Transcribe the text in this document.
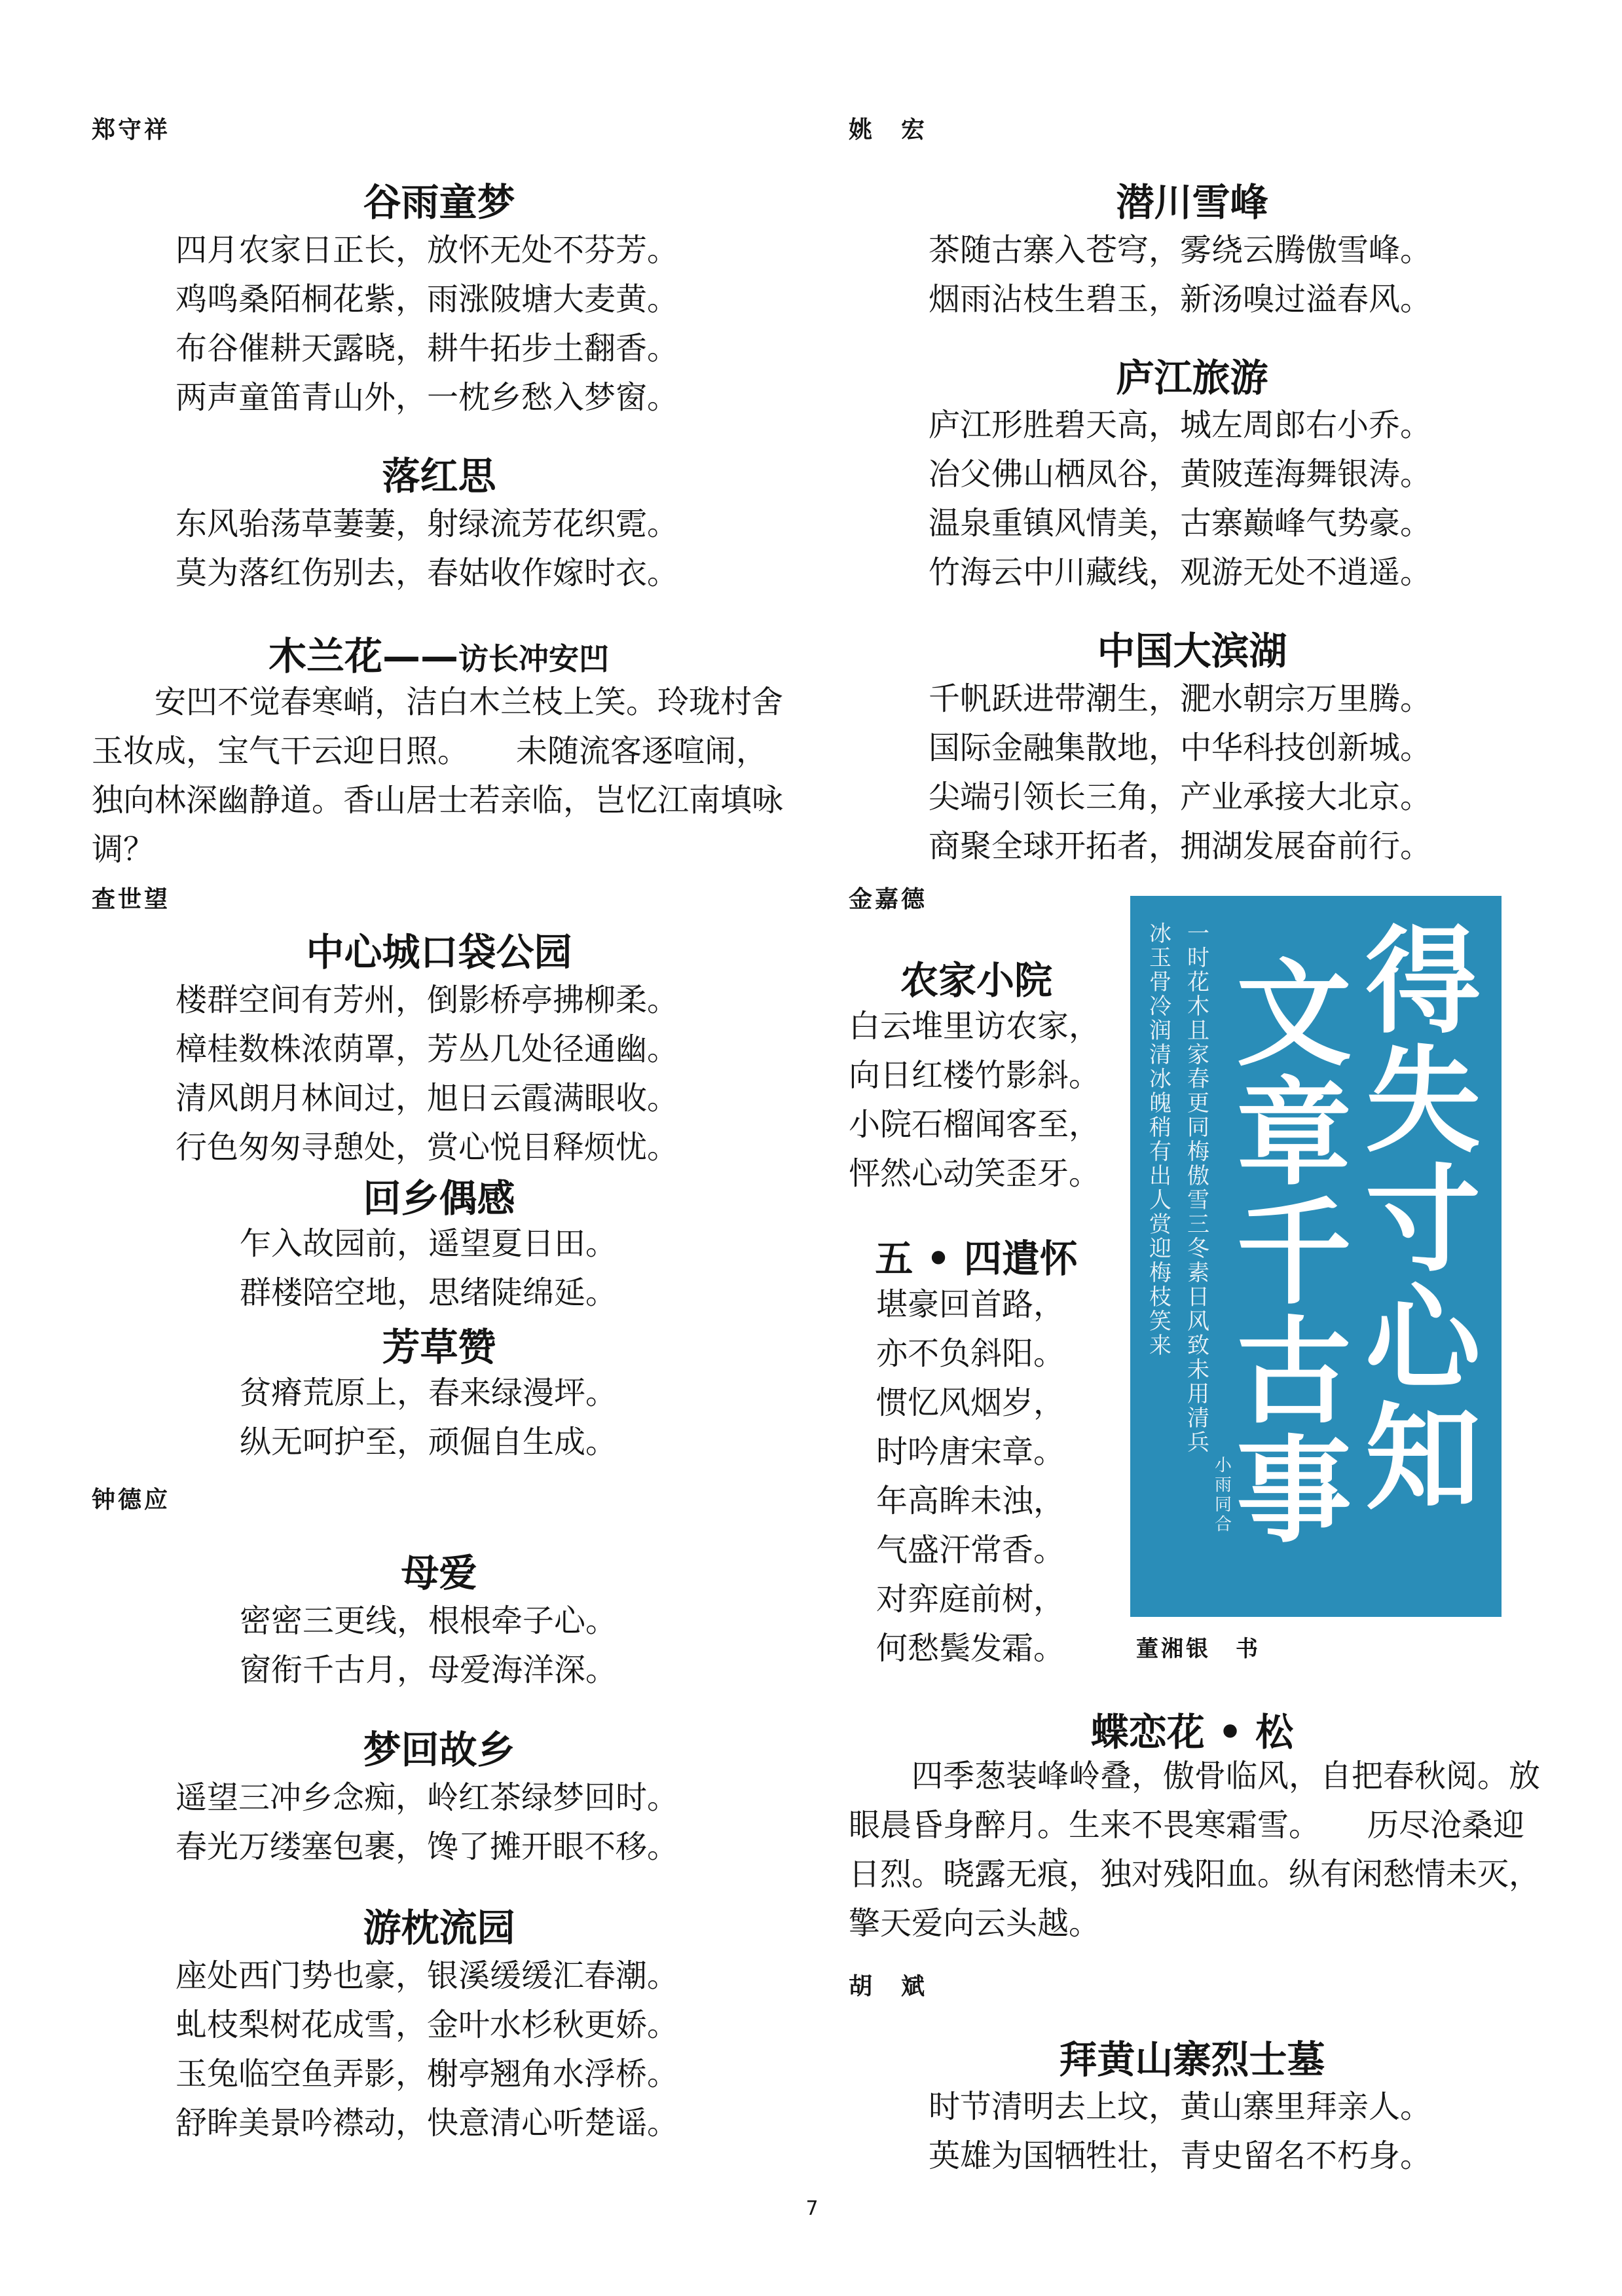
郑守祥
谷雨童梦
四月农家日正长，放怀无处不芬芳。
鸡鸣桑陌桐花紫，雨涨陂塘大麦黄。
布谷催耕天露晓，耕牛拓步土翻香。
两声童笛青山外，一枕乡愁入梦窗。
落红思
东风骀荡草萋萋，射绿流芳花织霓。
莫为落红伤别去，春姑收作嫁时衣。
木兰花——访长冲安凹
安凹不觉春寒峭，洁白木兰枝上笑。玲珑村舍玉妆成，宝气干云迎日照。　　未随流客逐喧闹，独向林深幽静道。香山居士若亲临，岂忆江南填咏调？
查世望
中心城口袋公园
楼群空间有芳州，倒影桥亭拂柳柔。
樟桂数株浓荫罩，芳丛几处径通幽。
清风朗月林间过，旭日云霞满眼收。
行色匆匆寻憩处，赏心悦目释烦忧。
回乡偶感
乍入故园前，遥望夏日田。
群楼陪空地，思绪陡绵延。
芳草赞
贫瘠荒原上，春来绿漫坪。
纵无呵护至，顽倔自生成。
钟德应
母爱
密密三更线，根根牵子心。
窗衔千古月，母爱海洋深。
梦回故乡
遥望三冲乡念痴，岭红茶绿梦回时。
春光万缕塞包裹，馋了摊开眼不移。
游枕流园
座处西门势也豪，银溪缓缓汇春潮。
虬枝梨树花成雪，金叶水杉秋更娇。
玉兔临空鱼弄影，榭亭翘角水浮桥。
舒眸美景吟襟动，快意清心听楚谣。
姚　宏
潜川雪峰
茶随古寨入苍穹，雾绕云腾傲雪峰。
烟雨沾枝生碧玉，新汤嗅过溢春风。
庐江旅游
庐江形胜碧天高，城左周郎右小乔。
冶父佛山栖凤谷，黄陂莲海舞银涛。
温泉重镇风情美，古寨巅峰气势豪。
竹海云中川藏线，观游无处不逍遥。
中国大滨湖
千帆跃进带潮生，淝水朝宗万里腾。
国际金融集散地，中华科技创新城。
尖端引领长三角，产业承接大北京。
商聚全球开拓者，拥湖发展奋前行。
金嘉德
农家小院
白云堆里访农家，
向日红楼竹影斜。
小院石榴闻客至，
怦然心动笑歪牙。
五 • 四遣怀
堪豪回首路，
亦不负斜阳。
惯忆风烟岁，
时吟唐宋章。
年高眸未浊，
气盛汗常香。
对弈庭前树，
何愁鬓发霜。
得失寸心知
文章千古事
一时花木且家春更同梅傲雪三冬素日风致未用清兵
冰玉骨冷润清冰魄稍有出人赏迎梅枝笑来
小雨同合
董湘银　书
蝶恋花 • 松
四季葱装峰岭叠，傲骨临风，自把春秋阅。放眼晨昏身醉月。生来不畏寒霜雪。　　历尽沧桑迎日烈。晓露无痕，独对残阳血。纵有闲愁情未灭，擎天爱向云头越。
胡　斌
拜黄山寨烈士墓
时节清明去上坟，黄山寨里拜亲人。
英雄为国牺牲壮，青史留名不朽身。
7
